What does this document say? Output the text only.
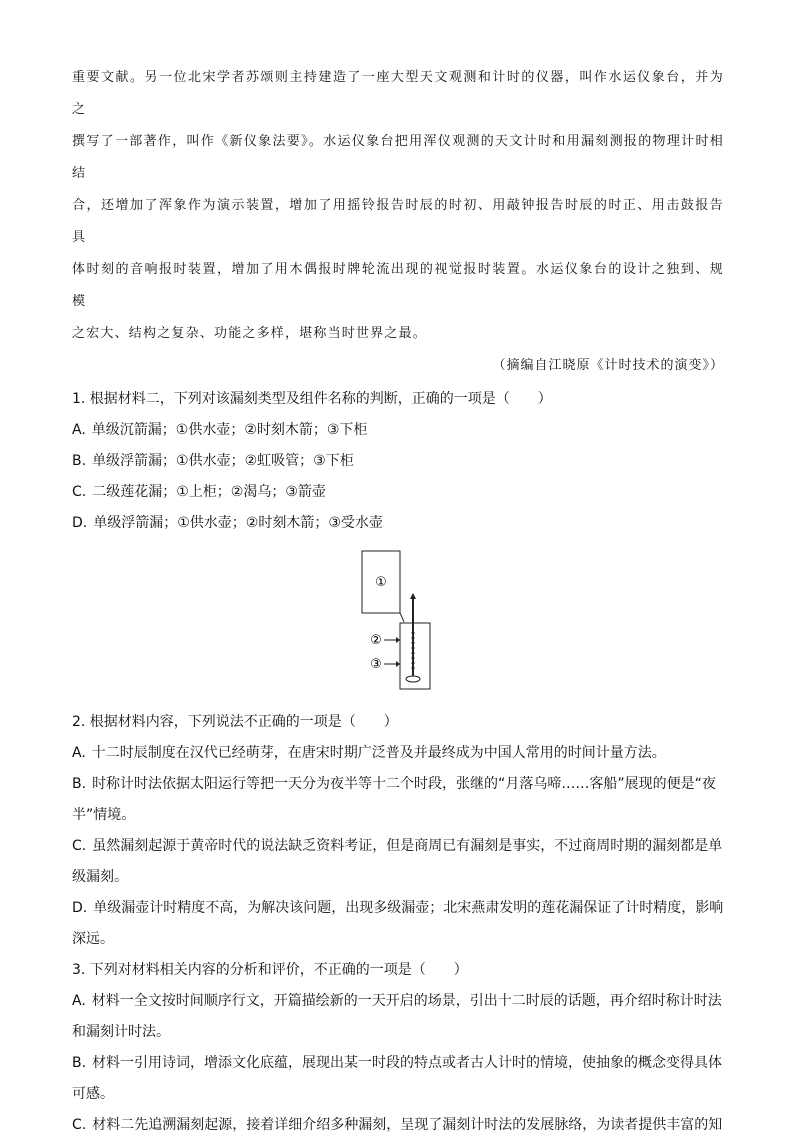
重要文献。另一位北宋学者苏颂则主持建造了一座大型天文观测和计时的仪器，叫作水运仪象台，并为之

撰写了一部著作，叫作《新仪象法要》。水运仪象台把用浑仪观测的天文计时和用漏刻测报的物理计时相结

合，还增加了浑象作为演示装置，增加了用摇铃报告时辰的时初、用敲钟报告时辰的时正、用击鼓报告具

体时刻的音响报时装置，增加了用木偶报时牌轮流出现的视觉报时装置。水运仪象台的设计之独到、规模

之宏大、结构之复杂、功能之多样，堪称当时世界之最。

（摘编自江晓原《计时技术的演变》）

1. 根据材料二，下列对该漏刻类型及组件名称的判断，正确的一项是（　　）

A. 单级沉箭漏；①供水壶；②时刻木箭；③下柜

B. 单级浮箭漏；①供水壶；②虹吸管；③下柜

C. 二级莲花漏；①上柜；②渴乌；③箭壶

D. 单级浮箭漏；①供水壶；②时刻木箭；③受水壶

①
②
③

2. 根据材料内容，下列说法不正确的一项是（　　）

A. 十二时辰制度在汉代已经萌芽，在唐宋时期广泛普及并最终成为中国人常用的时间计量方法。

B. 时称计时法依据太阳运行等把一天分为夜半等十二个时段，张继的“月落乌啼……客船”展现的便是“夜

半”情境。

C. 虽然漏刻起源于黄帝时代的说法缺乏资料考证，但是商周已有漏刻是事实，不过商周时期的漏刻都是单

级漏刻。

D. 单级漏壶计时精度不高，为解决该问题，出现多级漏壶；北宋燕肃发明的莲花漏保证了计时精度，影响

深远。

3. 下列对材料相关内容的分析和评价，不正确的一项是（　　）

A. 材料一全文按时间顺序行文，开篇描绘新的一天开启的场景，引出十二时辰的话题，再介绍时称计时法

和漏刻计时法。

B. 材料一引用诗词，增添文化底蕴，展现出某一时段的特点或者古人计时的情境，使抽象的概念变得具体

可感。

C. 材料二先追溯漏刻起源，接着详细介绍多种漏刻，呈现了漏刻计时法的发展脉络，为读者提供丰富的知
